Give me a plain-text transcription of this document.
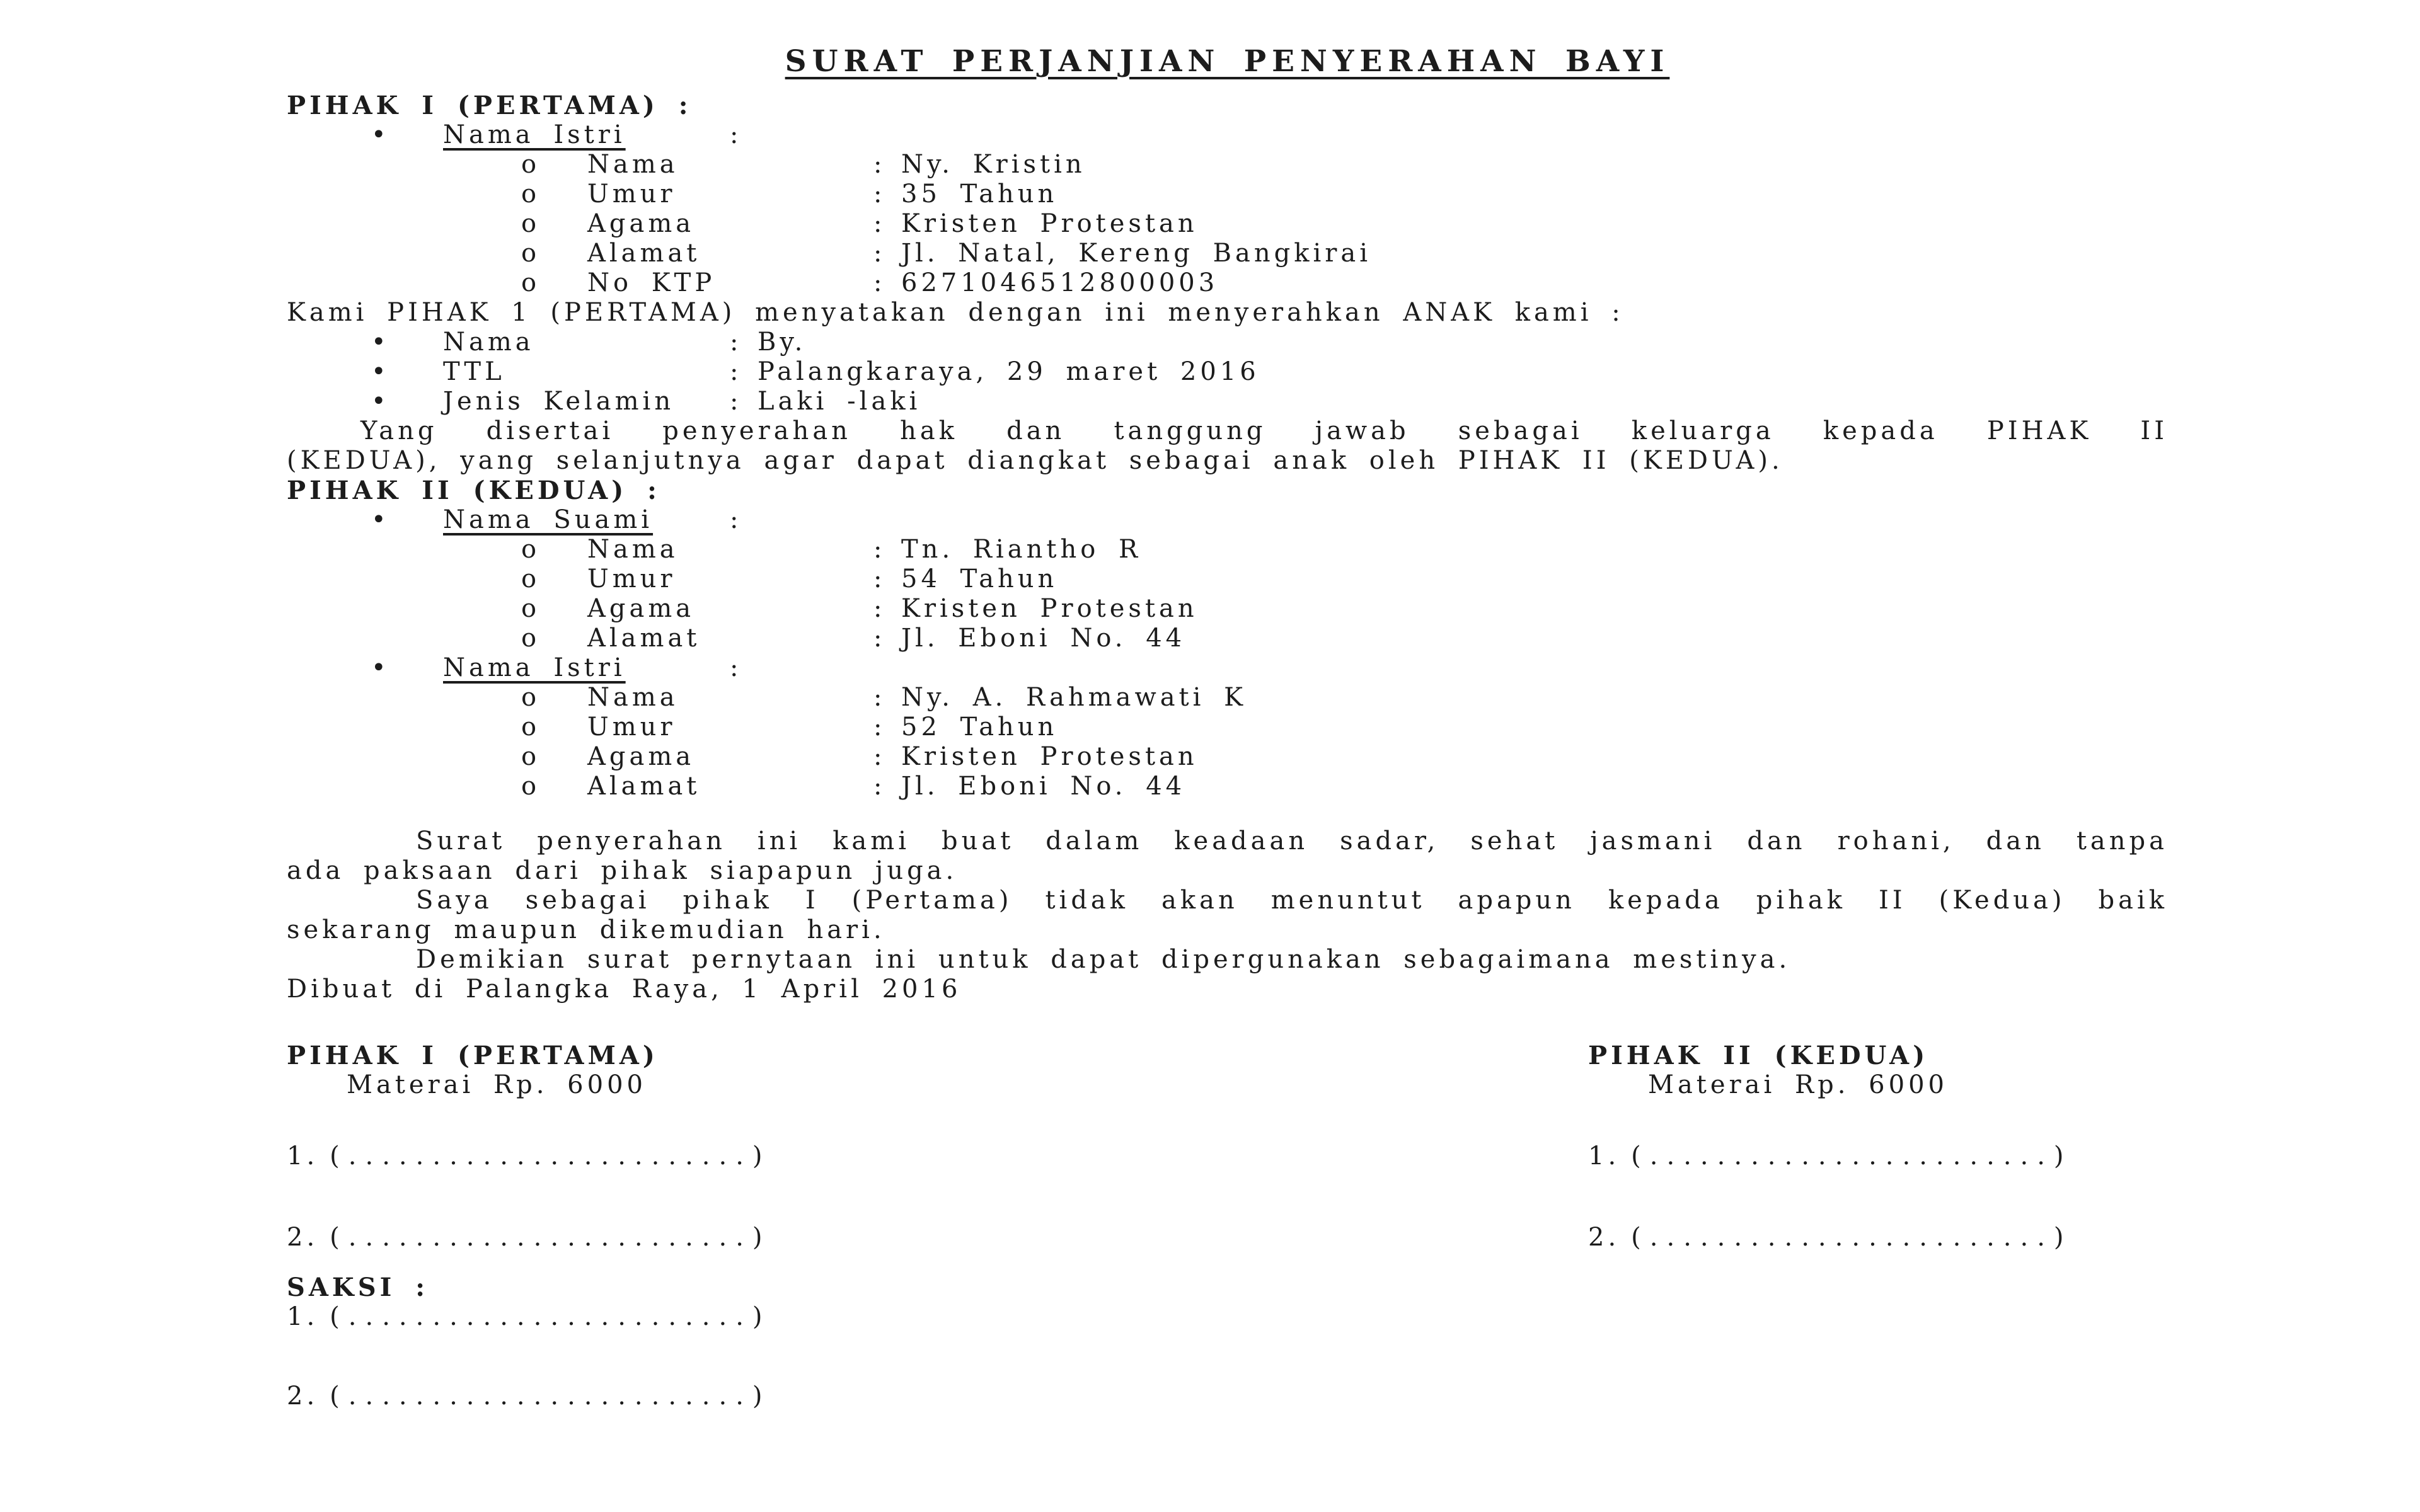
SURAT PERJANJIAN PENYERAHAN BAYI
PIHAK I (PERTAMA) :
•	Nama Istri	:
o	Nama	: Ny. Kristin
o	Umur	: 35 Tahun
o	Agama	: Kristen Protestan
o	Alamat	: Jl. Natal, Kereng Bangkirai
o	No KTP	: 6271046512800003
Kami PIHAK 1 (PERTAMA) menyatakan dengan ini menyerahkan ANAK kami :
•	Nama	: By.
•	TTL	: Palangkaraya, 29 maret 2016
•	Jenis Kelamin	: Laki -laki
Yang disertai penyerahan hak dan tanggung jawab sebagai keluarga kepada PIHAK II
(KEDUA), yang selanjutnya agar dapat diangkat sebagai anak oleh PIHAK II (KEDUA).
PIHAK II (KEDUA) :
•	Nama Suami	:
o	Nama	: Tn. Riantho R
o	Umur	: 54 Tahun
o	Agama	: Kristen Protestan
o	Alamat	: Jl. Eboni No. 44
•	Nama Istri	:
o	Nama	: Ny. A. Rahmawati K
o	Umur	: 52 Tahun
o	Agama	: Kristen Protestan
o	Alamat	: Jl. Eboni No. 44
Surat penyerahan ini kami buat dalam keadaan sadar, sehat jasmani dan rohani, dan tanpa
ada paksaan dari pihak siapapun juga.
Saya sebagai pihak I (Pertama) tidak akan menuntut apapun kepada pihak II (Kedua) baik
sekarang maupun dikemudian hari.
Demikian surat pernytaan ini untuk dapat dipergunakan sebagaimana mestinya.
Dibuat di Palangka Raya, 1 April 2016
PIHAK I (PERTAMA)
Materai Rp. 6000
1. (........................)
2. (........................)
PIHAK II (KEDUA)
Materai Rp. 6000
1. (........................)
2. (........................)
SAKSI :
1. (........................)
2. (........................)
